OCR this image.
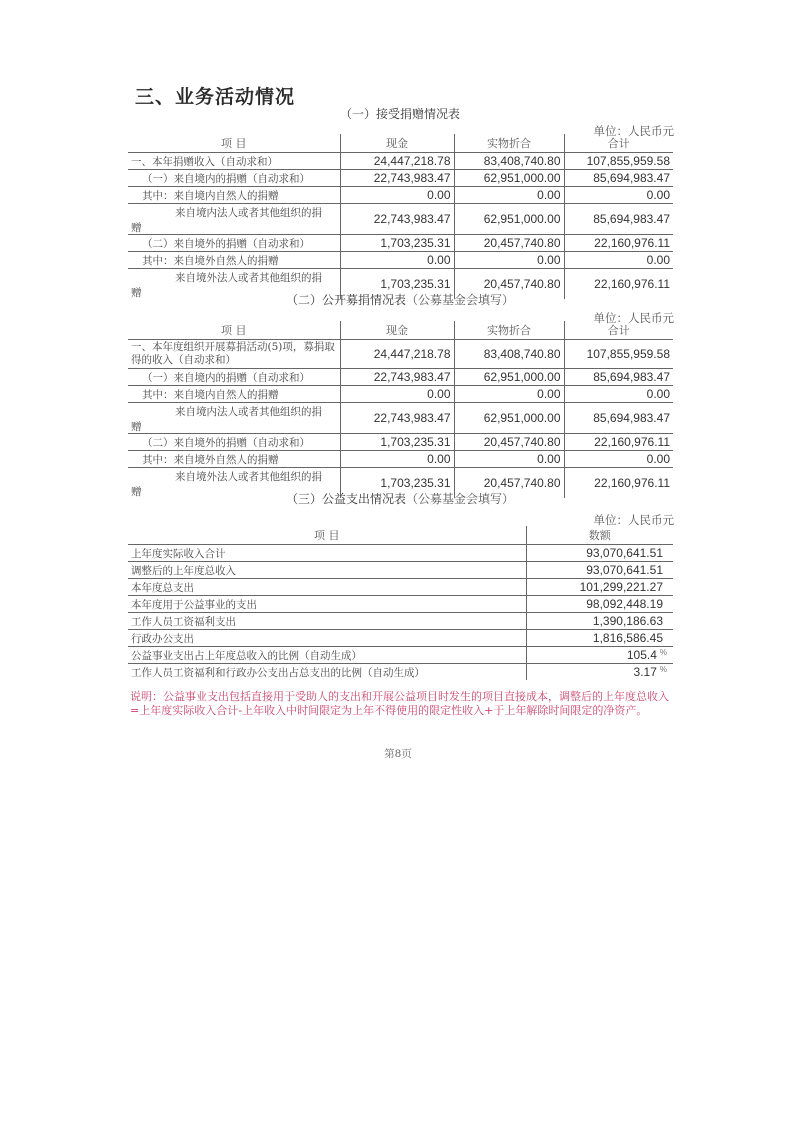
三、业务活动情况
（一）接受捐赠情况表
单位：人民币元
项 目	现金	实物折合	合计
一、本年捐赠收入（自动求和）	24,447,218.78	83,408,740.80	107,855,959.58
（一）来自境内的捐赠（自动求和）	22,743,983.47	62,951,000.00	85,694,983.47
其中：来自境内自然人的捐赠	0.00	0.00	0.00

来自境内法人或者其他组织的捐
赠	22,743,983.47	62,951,000.00	85,694,983.47
（二）来自境外的捐赠（自动求和）	1,703,235.31	20,457,740.80	22,160,976.11
其中：来自境外自然人的捐赠	0.00	0.00	0.00

来自境外法人或者其他组织的捐
赠	1,703,235.31	20,457,740.80	22,160,976.11
（二）公开募捐情况表（公募基金会填写）
单位：人民币元
项 目	现金	实物折合	合计
一、本年度组织开展募捐活动(5)项，募捐取得的收入（自动求和）	24,447,218.78	83,408,740.80	107,855,959.58
（一）来自境内的捐赠（自动求和）	22,743,983.47	62,951,000.00	85,694,983.47
其中：来自境内自然人的捐赠	0.00	0.00	0.00

来自境内法人或者其他组织的捐
赠	22,743,983.47	62,951,000.00	85,694,983.47
（二）来自境外的捐赠（自动求和）	1,703,235.31	20,457,740.80	22,160,976.11
其中：来自境外自然人的捐赠	0.00	0.00	0.00

来自境外法人或者其他组织的捐
赠	1,703,235.31	20,457,740.80	22,160,976.11
（三）公益支出情况表（公募基金会填写）
单位：人民币元
项 目	数额
上年度实际收入合计	93,070,641.51
调整后的上年度总收入	93,070,641.51
本年度总支出	101,299,221.27
本年度用于公益事业的支出	98,092,448.19
工作人员工资福利支出	1,390,186.63
行政办公支出	1,816,586.45
公益事业支出占上年度总收入的比例（自动生成）	105.4 %
工作人员工资福利和行政办公支出占总支出的比例（自动生成）	3.17 %
说明：公益事业支出包括直接用于受助人的支出和开展公益项目时发生的项目直接成本，调整后的上年度总收入=上年度实际收入合计-上年收入中时间限定为上年不得使用的限定性收入+于上年解除时间限定的净资产。
第8页
